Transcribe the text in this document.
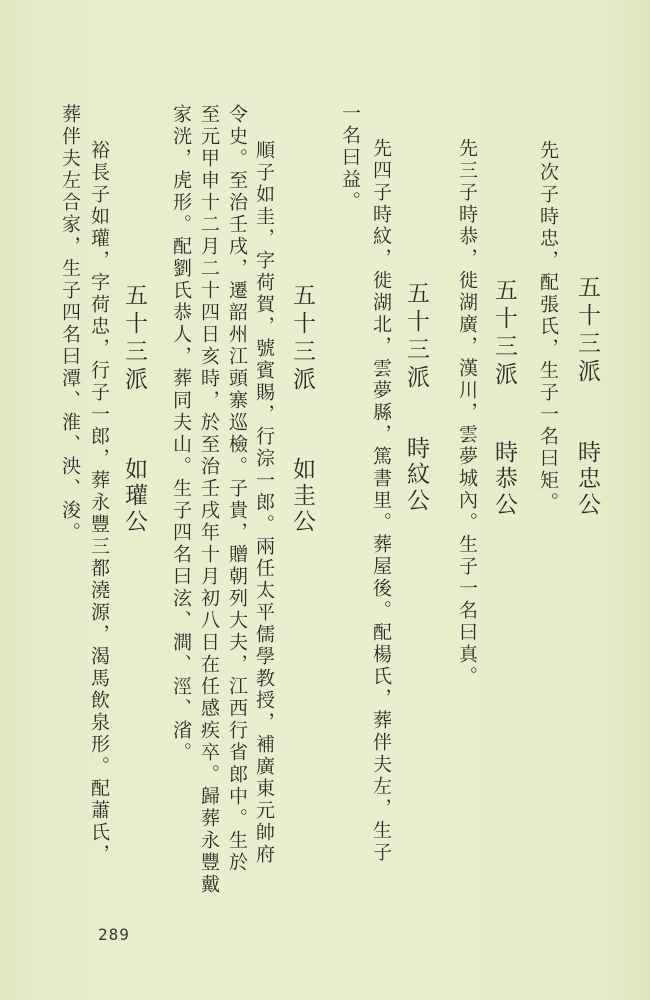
五十三派
時忠公
先次子時忠，配張氏，生子一名曰矩。
五十三派
時恭公
先三子時恭，徙湖廣，漢川，雲夢城內。生子一名曰真。
五十三派
時紋公
先四子時紋，徙湖北，雲夢縣，篤書里。葬屋後。配楊氏，葬伴夫左，生子
一名曰益。
五十三派
如圭公
順子如圭，字荷賀，號賓賜，行淙一郎。兩任太平儒學教授，補廣東元帥府
令史。至治壬戌，遷韶州江頭寨巡檢。子貴，贈朝列大夫，江西行省郎中。生於
至元甲申十二月二十四日亥時，於至治壬戌年十月初八日在任感疾卒。歸葬永豐戴
家洸，虎形。配劉氏恭人，葬同夫山。生子四名曰泫、澗、涇、渻。
五十三派
如瓘公
裕長子如瓘，字荷忠，行子一郎，葬永豐三都澆源，渴馬飲泉形。配蕭氏，
葬伴夫左合家，生子四名曰潭、淮、泱、浚。
289
